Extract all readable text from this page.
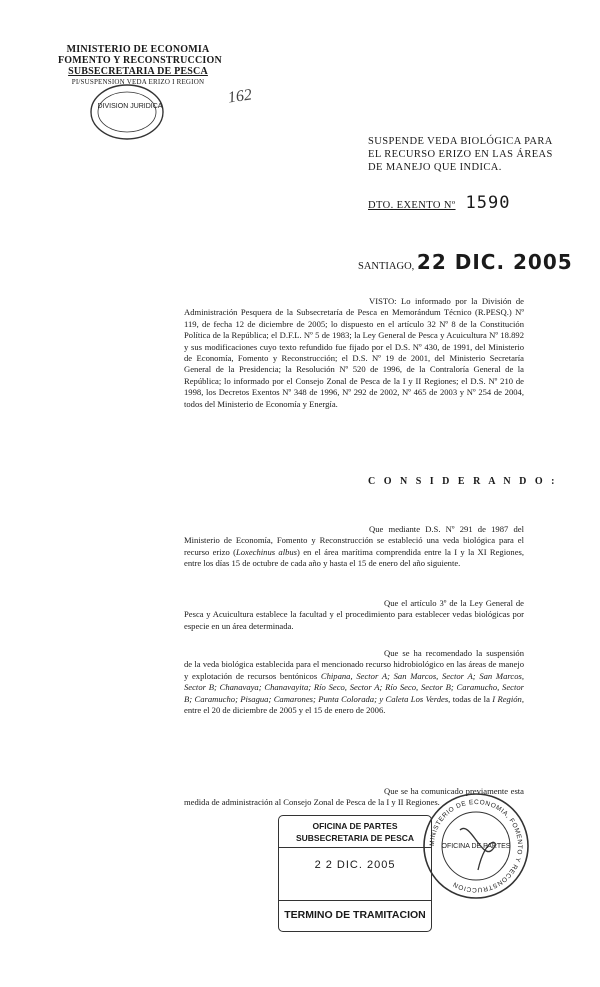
MINISTERIO DE ECONOMIA
FOMENTO Y RECONSTRUCCION
SUBSECRETARIA DE PESCA
PI/SUSPENSION VEDA ERIZO I REGION
DIVISION JURIDICA	162
SUSPENDE VEDA BIOLÓGICA PARA
EL RECURSO ERIZO EN LAS ÁREAS
DE MANEJO QUE INDICA.
DTO. EXENTO Nº 1590
SANTIAGO, 22 DIC. 2005

VISTO: Lo informado por la División de Administración Pesquera de la Subsecretaría de Pesca en Memorándum Técnico (R.PESQ.) Nº 119, de fecha 12 de diciembre de 2005; lo dispuesto en el artículo 32 Nº 8 de la Constitución Política de la República; el D.F.L. Nº 5 de 1983; la Ley General de Pesca y Acuicultura Nº 18.892 y sus modificaciones cuyo texto refundido fue fijado por el D.S. Nº 430, de 1991, del Ministerio de Economía, Fomento y Reconstrucción; el D.S. Nº 19 de 2001, del Ministerio Secretaría General de la Presidencia; la Resolución Nº 520 de 1996, de la Contraloría General de la República; lo informado por el Consejo Zonal de Pesca de la I y II Regiones; el D.S. Nº 210 de 1998, los Decretos Exentos Nº 348 de 1996, Nº 292 de 2002, Nº 465 de 2003 y Nº 254 de 2004, todos del Ministerio de Economía y Energía.

C O N S I D E R A N D O :

Que mediante D.S. Nº 291 de 1987 del Ministerio de Economía, Fomento y Reconstrucción se estableció una veda biológica para el recurso erizo (Loxechinus albus) en el área marítima comprendida entre la I y la XI Regiones, entre los días 15 de octubre de cada año y hasta el 15 de enero del año siguiente.

Que el artículo 3º de la Ley General de Pesca y Acuicultura establece la facultad y el procedimiento para establecer vedas biológicas por especie en un área determinada.

Que se ha recomendado la suspensión de la veda biológica establecida para el mencionado recurso hidrobiológico en las áreas de manejo y explotación de recursos bentónicos Chipana, Sector A; San Marcos, Sector A; San Marcos, Sector B; Chanavaya; Chanavayita; Río Seco, Sector A; Río Seco, Sector B; Caramucho, Sector B; Caramucho; Pisagua; Camarones; Punta Colorada; y Caleta Los Verdes, todas de la I Región, entre el 20 de diciembre de 2005 y el 15 de enero de 2006.

Que se ha comunicado previamente esta medida de administración al Consejo Zonal de Pesca de la I y II Regiones.

OFICINA DE PARTES
SUBSECRETARIA DE PESCA
2 2 DIC. 2005
TERMINO DE TRAMITACION
MINISTERIO DE ECONOMIA, FOMENTO Y RECONSTRUCCION
OFICINA DE PARTES
